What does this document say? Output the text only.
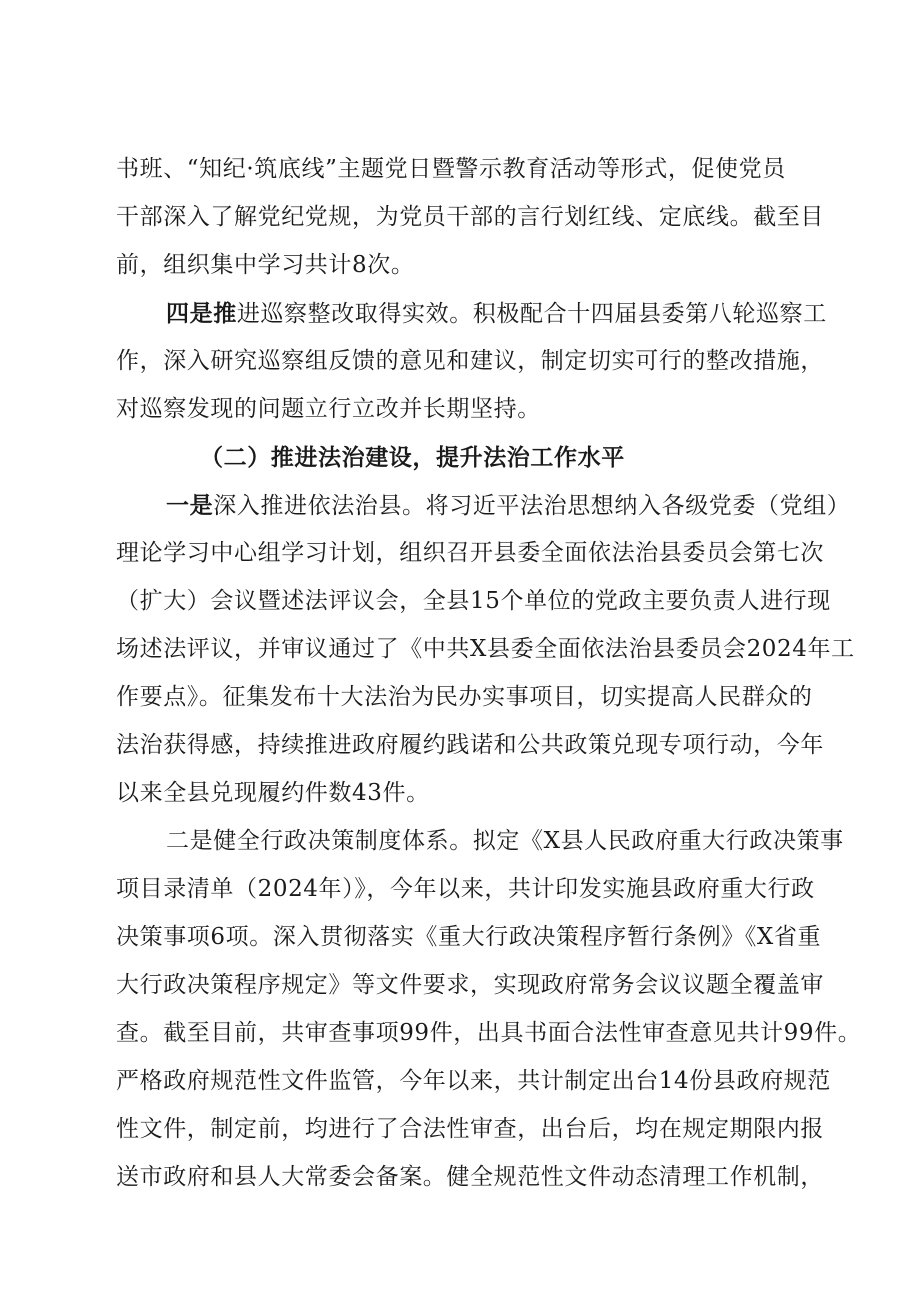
书班、“知纪·筑底线”主题党日暨警示教育活动等形式，促使党员
干部深入了解党纪党规，为党员干部的言行划红线、定底线。截至目
前，组织集中学习共计8次。
四是推进巡察整改取得实效。积极配合十四届县委第八轮巡察工
作，深入研究巡察组反馈的意见和建议，制定切实可行的整改措施，
对巡察发现的问题立行立改并长期坚持。
（二）推进法治建设，提升法治工作水平
一是深入推进依法治县。将习近平法治思想纳入各级党委（党组）
理论学习中心组学习计划，组织召开县委全面依法治县委员会第七次
（扩大）会议暨述法评议会，全县15个单位的党政主要负责人进行现
场述法评议，并审议通过了《中共X县委全面依法治县委员会2024年工
作要点》。征集发布十大法治为民办实事项目，切实提高人民群众的
法治获得感，持续推进政府履约践诺和公共政策兑现专项行动，今年
以来全县兑现履约件数43件。
二是健全行政决策制度体系。拟定《X县人民政府重大行政决策事
项目录清单（2024年）》，今年以来，共计印发实施县政府重大行政
决策事项6项。深入贯彻落实《重大行政决策程序暂行条例》《X省重
大行政决策程序规定》等文件要求，实现政府常务会议议题全覆盖审
查。截至目前，共审查事项99件，出具书面合法性审查意见共计99件。
严格政府规范性文件监管，今年以来，共计制定出台14份县政府规范
性文件，制定前，均进行了合法性审查，出台后，均在规定期限内报
送市政府和县人大常委会备案。健全规范性文件动态清理工作机制，
